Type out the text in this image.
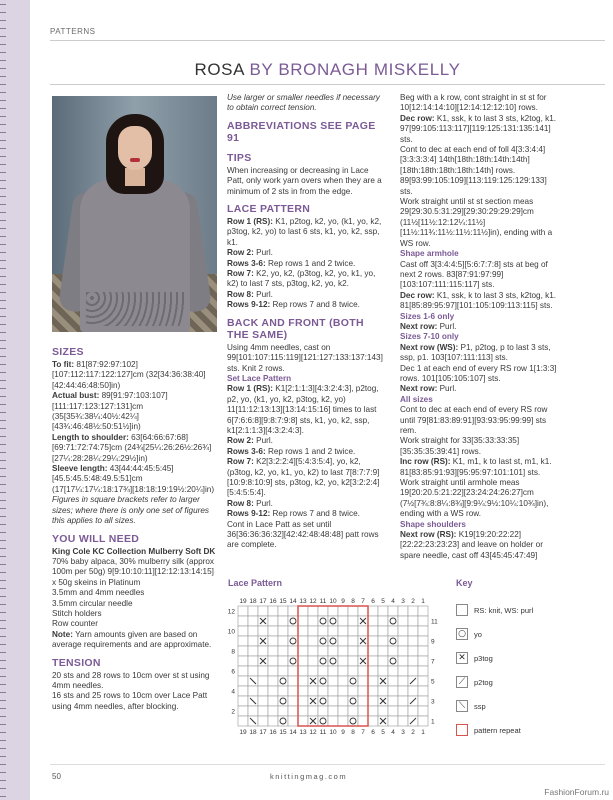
PATTERNS
ROSA BY BRONAGH MISKELLY
SIZES

To fit: 81[87:92:97:102][107:112:117:122:127]cm (32[34:36:38:40][42:44:46:48:50]in)

Actual bust: 89[91:97:103:107][111:117:123:127:131]cm (35[35¾:38¼:40½:42¼][43¾:46:48½:50:51½]in)

Length to shoulder: 63[64:66:67:68][69:71:72:74:75]cm (24¾[25¼:26:26½:26¾][27¼:28:28¼:29¼:29½]in)

Sleeve length: 43[44:44:45:5:45][45.5:45.5:48:49.5:51]cm (17[17¼:17¼:18:17¾][18:18:19:19½:20¼]in)

Figures in square brackets refer to larger sizes; where there is only one set of figures this applies to all sizes.

YOU WILL NEED

King Cole KC Collection Mulberry Soft DK 70% baby alpaca, 30% mulberry silk (approx 100m per 50g) 9[9:10:10:11][12:12:13:14:15] x 50g skeins in Platinum

3.5mm and 4mm needles

3.5mm circular needle

Stitch holders

Row counter

Note: Yarn amounts given are based on average requirements and are approximate.

TENSION

20 sts and 28 rows to 10cm over st st using 4mm needles.

16 sts and 25 rows to 10cm over Lace Patt using 4mm needles, after blocking.

Use larger or smaller needles if necessary to obtain correct tension.

ABBREVIATIONS SEE PAGE 91
TIPS

When increasing or decreasing in Lace Patt, only work yarn overs when they are a minimum of 2 sts in from the edge.

LACE PATTERN

Row 1 (RS): K1, p2tog, k2, yo, (k1, yo, k2, p3tog, k2, yo) to last 6 sts, k1, yo, k2, ssp, k1.

Row 2: Purl.

Rows 3-6: Rep rows 1 and 2 twice.

Row 7: K2, yo, k2, (p3tog, k2, yo, k1, yo, k2) to last 7 sts, p3tog, k2, yo, k2.

Row 8: Purl.

Rows 9-12: Rep rows 7 and 8 twice.

BACK AND FRONT (BOTH THE SAME)

Using 4mm needles, cast on 99[101:107:115:119][121:127:133:137:143] sts. Knit 2 rows.

Set Lace Pattern

Row 1 (RS): K1[2:1:1:3][4:3:2:4:3], p2tog, p2, yo, (k1, yo, k2, p3tog, k2, yo) 11[11:12:13:13][13:14:15:16] times to last 6[7:6:6:8][9:8:7:9:8] sts, k1, yo, k2, ssp, k1[2:1:1:3][4:3:2:4:3].

Row 2: Purl.

Rows 3-6: Rep rows 1 and 2 twice.

Row 7: K2[3:2:2:4][5:4:3:5:4], yo, k2, (p3tog, k2, yo, k1, yo, k2) to last 7[8:7:7:9][10:9:8:10:9] sts, p3tog, k2, yo, k2[3:2:2:4][5:4:5:5:4].

Row 8: Purl.

Rows 9-12: Rep rows 7 and 8 twice.

Cont in Lace Patt as set until 36[36:36:36:32][42:42:48:48:48] patt rows are complete.

Beg with a k row, cont straight in st st for 10[12:14:14:10][12:14:12:12:10] rows.

Dec row: K1, ssk, k to last 3 sts, k2tog, k1. 97[99:105:113:117][119:125:131:135:141] sts.

Cont to dec at each end of foll 4[3:3:4:4][3:3:3:3:4] 14th[18th:18th:14th:14th][18th:18th:18th:18th:14th] rows. 89[93:99:105:109][113:119:125:129:133] sts.

Work straight until st st section meas 29[29:30.5:31:29][29:30:29:29:29]cm (11½[11½:12:12¼:11½][11½:11¾:11½:11½:11½]in), ending with a WS row.

Shape armhole

Cast off 3[3:4:4:5][5:6:7:7:8] sts at beg of next 2 rows. 83[87:91:97:99][103:107:111:115:117] sts.

Dec row: K1, ssk, k to last 3 sts, k2tog, k1. 81[85:89:95:97][101:105:109:113:115] sts.

Sizes 1-6 only

Next row: Purl.

Sizes 7-10 only

Next row (WS): P1, p2tog, p to last 3 sts, ssp, p1. 103[107:111:113] sts.

Dec 1 at each end of every RS row 1[1:3:3] rows. 101[105:105:107] sts.

Next row: Purl.

All sizes

Cont to dec at each end of every RS row until 79[81:83:89:91][93:93:95:99:99] sts rem.

Work straight for 33[35:33:33:35][35:35:35:39:41] rows.

Inc row (RS): K1, m1, k to last st, m1, k1. 81[83:85:91:93][95:95:97:101:101] sts.

Work straight until armhole meas 19[20:20.5:21:22][23:24:24:26:27]cm (7½[7¾:8:8¼:8¾][9:9¼:9½:10¼:10¾]in), ending with a WS row.

Shape shoulders

Next row (RS): K19[19:20:22:22][22:22:23:23:23] and leave on holder or spare needle, cast off 43[45:45:47:49]

Lace Pattern
19
19
18
18
17
17
16
16
15
15
14
14
13
13
12
12
11
11
10
10
9
9
8
8
7
7
6
6
5
5
4
4
3
3
2
2
1
1
12
10
8
6
4
2
11
9
7
5
3
1
Key
RS: knit, WS: purl
○ yo
✕ p3tog
⟋	p2tog
⟍	ssp
pattern repeat
50	knittingmag.com
FashionForum.ru
